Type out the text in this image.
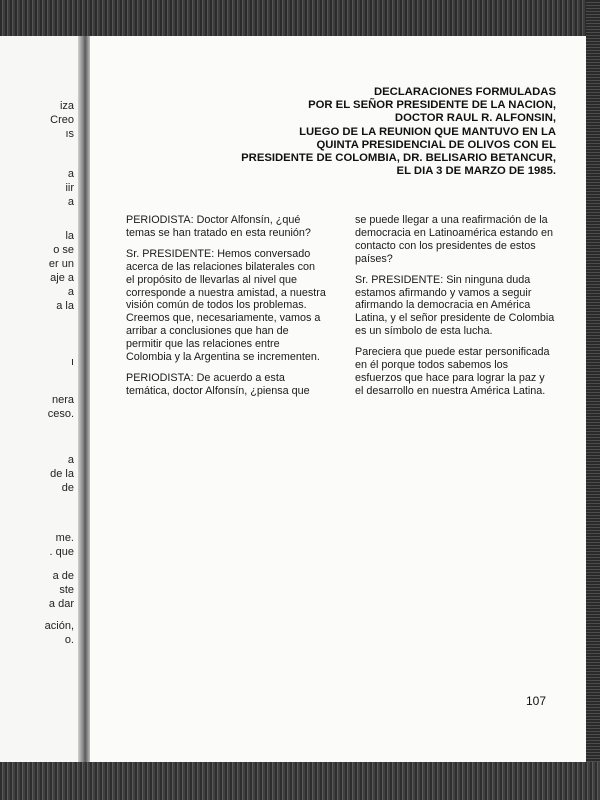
iza
Creo
ıs
a
iir
a
la
o se
er un
aje a
a
a la
ı
nera
ceso.
a
de la
de
me.
. que
a de
ste
a dar
ación,
o.
DECLARACIONES FORMULADAS
POR EL SEÑOR PRESIDENTE DE LA NACION,
DOCTOR RAUL R. ALFONSIN,
LUEGO DE LA REUNION QUE MANTUVO EN LA
QUINTA PRESIDENCIAL DE OLIVOS CON EL
PRESIDENTE DE COLOMBIA, DR. BELISARIO BETANCUR,
EL DIA 3 DE MARZO DE 1985.

PERIODISTA: Doctor Alfonsín, ¿qué temas se han tratado en esta reunión?

Sr. PRESIDENTE: Hemos conversado acerca de las relaciones bilaterales con el propósito de llevarlas al nivel que corresponde a nuestra amistad, a nuestra visión común de todos los problemas. Creemos que, necesariamente, vamos a arribar a conclusiones que han de permitir que las relaciones entre Colombia y la Argentina se incrementen.

PERIODISTA: De acuerdo a esta temática, doctor Alfonsín, ¿piensa que

se puede llegar a una reafirmación de la democracia en Latinoamérica estando en contacto con los presidentes de estos países?

Sr. PRESIDENTE: Sin ninguna duda estamos afirmando y vamos a seguir afirmando la democracia en América Latina, y el señor presidente de Colombia es un símbolo de esta lucha.

Pareciera que puede estar personificada en él porque todos sabemos los esfuerzos que hace para lograr la paz y el desarrollo en nuestra América Latina.

107
